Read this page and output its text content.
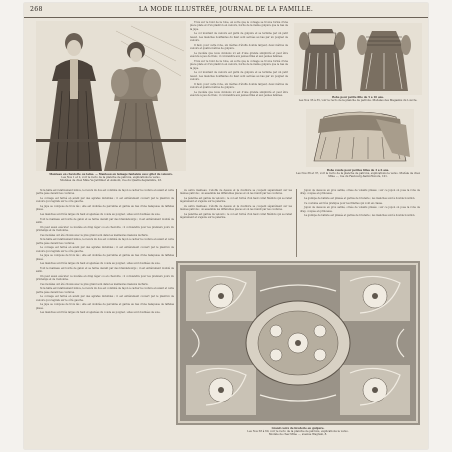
268	LA MODE ILLUSTRÉE, JOURNAL DE LA FAMILLE.
Manteau en cheviotte ou laine. — Manteau en lainage fantaisie avec gilet de velours.
Les Nos 1 et 2, voir le recto de la planche de patrons, explications le verso.
Modèles de chez Mme Ve Jardinier et Aumont, rue du Quatre-Septembre, 23.

Trois sur le fond de la robe, en sorte que le corsage se trouve formé d'une pièce plate et d'un plastron en velours, bordé de la même guipure que le bas de la jupe.

Le col montant de velours est garni de guipure et se termine par un petit nœud. Les manches bouffantes du haut sont serrées au bas par un poignet de velours.

Il faut, pour cette robe, six mètres d'étoffe double largeur, deux mètres de velours et quatre mètres de guipure.

Le modèle que nous donnons ici est d'une grande simplicité et peut être exécuté à peu de frais ; il conviendra aux jeunes filles et aux jeunes femmes.

Trois sur le fond de la robe, en sorte que le corsage se trouve formé d'une pièce plate et d'un plastron en velours, bordé de la même guipure que le bas de la jupe.

Le col montant de velours est garni de guipure et se termine par un petit nœud. Les manches bouffantes du haut sont serrées au bas par un poignet de velours.

Il faut, pour cette robe, six mètres d'étoffe double largeur, deux mètres de velours et quatre mètres de guipure.

Le modèle que nous donnons ici est d'une grande simplicité et peut être exécuté à peu de frais ; il conviendra aux jeunes filles et aux jeunes femmes.

Robe pour petite fille de 5 à 10 ans.
Les Nos 33 à 35, voir le recto de la planche de patrons. Modèles des Magasins du Louvre.
Robe ronde pour petites filles de 3 à 6 ans.
Les Nos 36 et 37, voir le recto de la planche de patrons, explications le verso. Modèle de chez Mme ..., rue du Faubourg-Saint-Honoré, 101.

Si la taille est relativement mince, le revers du dos est combiné de façon à cacher la couture en avant et cette partie pèse devant les coutures.

Le corsage est fermé en avant par des agrafes invisibles ; il est entièrement couvert par le plastron de velours qui s'agrafe sur le côté gauche.

La jupe se compose de trois lés ; elle est doublée de percaline et garnie au bas d'une balayeuse de taffetas plissé.

Les manches sont très larges du haut et ajustées du coude au poignet ; elles sont doublées de soie.

Tout le manteau est bordé de galon et se ferme devant par des brandebourgs ; il est entièrement doublé de satin.

On peut aussi exécuter ce modèle en drap léger ou en cheviotte ; il conviendra pour les premiers jours du printemps et de l'automne.

Ces modèles ont été choisis avec le plus grand soin dans les meilleures maisons de Paris.

Si la taille est relativement mince, le revers du dos est combiné de façon à cacher la couture en avant et cette partie pèse devant les coutures.

Le corsage est fermé en avant par des agrafes invisibles ; il est entièrement couvert par le plastron de velours qui s'agrafe sur le côté gauche.

La jupe se compose de trois lés ; elle est doublée de percaline et garnie au bas d'une balayeuse de taffetas plissé.

Les manches sont très larges du haut et ajustées du coude au poignet ; elles sont doublées de soie.

Tout le manteau est bordé de galon et se ferme devant par des brandebourgs ; il est entièrement doublé de satin.

On peut aussi exécuter ce modèle en drap léger ou en cheviotte ; il conviendra pour les premiers jours du printemps et de l'automne.

Ces modèles ont été choisis avec le plus grand soin dans les meilleures maisons de Paris.

Si la taille est relativement mince, le revers du dos est combiné de façon à cacher la couture en avant et cette partie pèse devant les coutures.

Le corsage est fermé en avant par des agrafes invisibles ; il est entièrement couvert par le plastron de velours qui s'agrafe sur le côté gauche.

La jupe se compose de trois lés ; elle est doublée de percaline et garnie au bas d'une balayeuse de taffetas plissé.

Les manches sont très larges du haut et ajustées du coude au poignet ; elles sont doublées de soie.

2e autre manteau. L'étoffe de dessus et la doublure se coupent séparément sur les mêmes patrons ; on assemble les différentes pièces et on les réunit par les coutures.

La pèlerine est garnie de velours ; le col est formé d'un haut collet Médicis qui se rabat légèrement et s'ajuste sur la pèlerine.

2e autre manteau. L'étoffe de dessus et la doublure se coupent séparément sur les mêmes patrons ; on assemble les différentes pièces et on les réunit par les coutures.

La pèlerine est garnie de velours ; le col est formé d'un haut collet Médicis qui se rabat légèrement et s'ajuste sur la pèlerine.

Jupon de dessous en gros satiné, ornée de volants plissés ; sur ce jupon on pose la robe de drap, coupée en princesse.

La guimpe de batiste est plissée et garnie de broderie ; les manches sont à double bouillon.

Ce costume est très pratique pour les fillettes qui vont en classe.

Jupon de dessous en gros satiné, ornée de volants plissés ; sur ce jupon on pose la robe de drap, coupée en princesse.

La guimpe de batiste est plissée et garnie de broderie ; les manches sont à double bouillon.

Grand carré de broderie en guipure.
Les Nos 58 à 60, voir le recto de la planche de patrons, explications le verso.
Modèle de chez Mme ..., avenue Wagram, 8.
